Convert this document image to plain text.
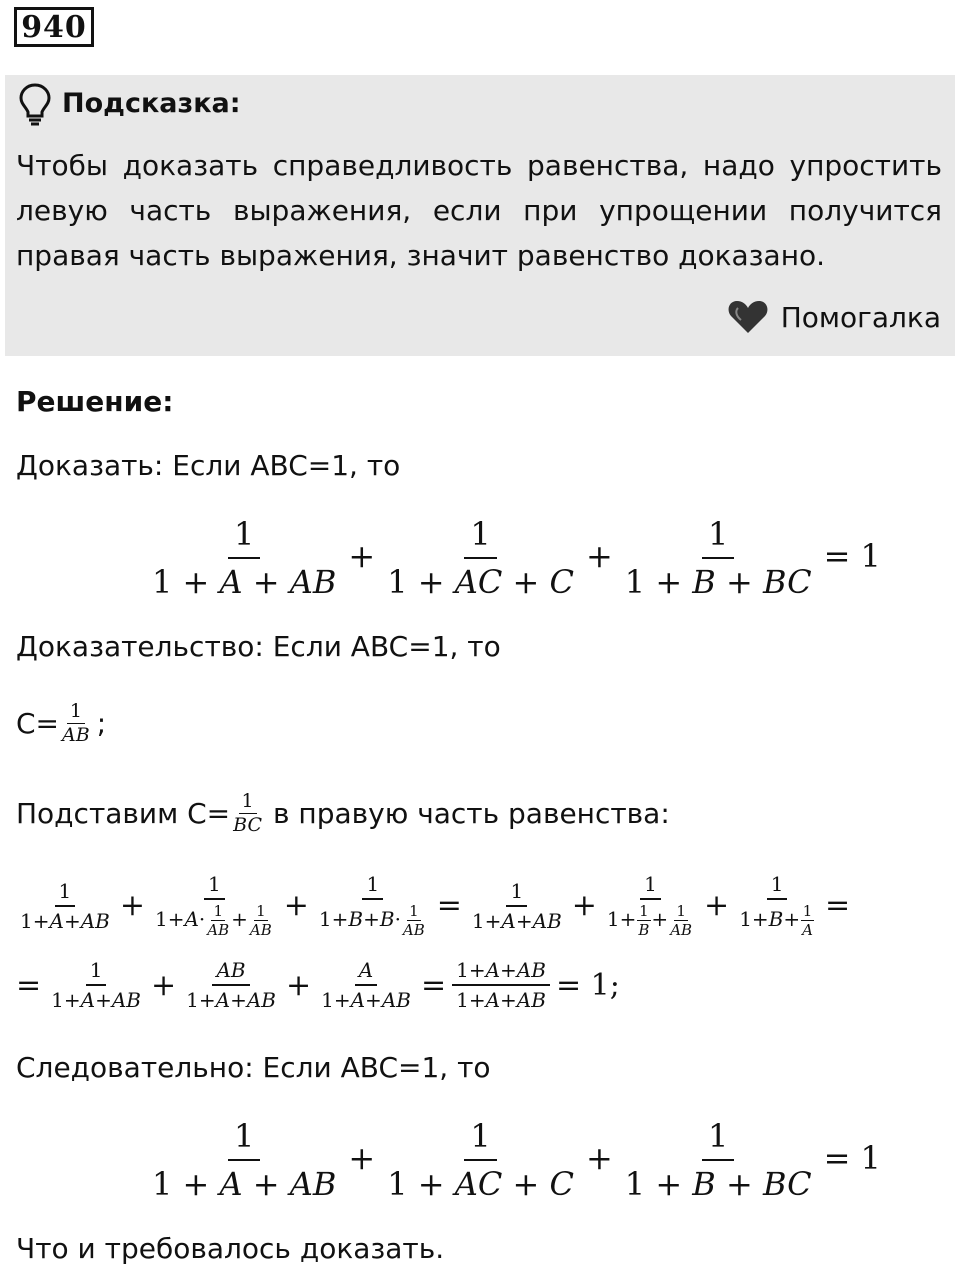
940
Подсказка:
Чтобы доказать справедливость равенства, надо упростить левую часть выражения, если при упрощении получится правая часть выражения, значит равенство доказано.
Помогалка
Решение:
Доказать: Если ABC=1, то
$\frac{1}{1 + A + AB} + \frac{1}{1 + AC + C} + \frac{1}{1 + B + BC} = 1$
Доказательство: Если ABC=1, то
$C= \frac{1}{AB}$ ;
Подставим $C= \frac{1}{BC}$ в правую часть равенства:
$\frac{1}{1+A+AB} + \frac{1}{1+A\cdot \frac{1}{AB} + \frac{1}{AB}} + \frac{1}{1+B+B\cdot \frac{1}{AB}} = \frac{1}{1+A+AB} + \frac{1}{1+ \frac{1}{B} + \frac{1}{AB}} + \frac{1}{1+B+ \frac{1}{A}}$ =
= $\frac{1}{1+A+AB} + \frac{AB}{1+A+AB} + \frac{A}{1+A+AB} = \frac{1+A+AB}{1+A+AB} = 1$;
Следовательно: Если ABC=1, то
$\frac{1}{1 + A + AB} + \frac{1}{1 + AC + C} + \frac{1}{1 + B + BC} = 1$
Что и требовалось доказать.
